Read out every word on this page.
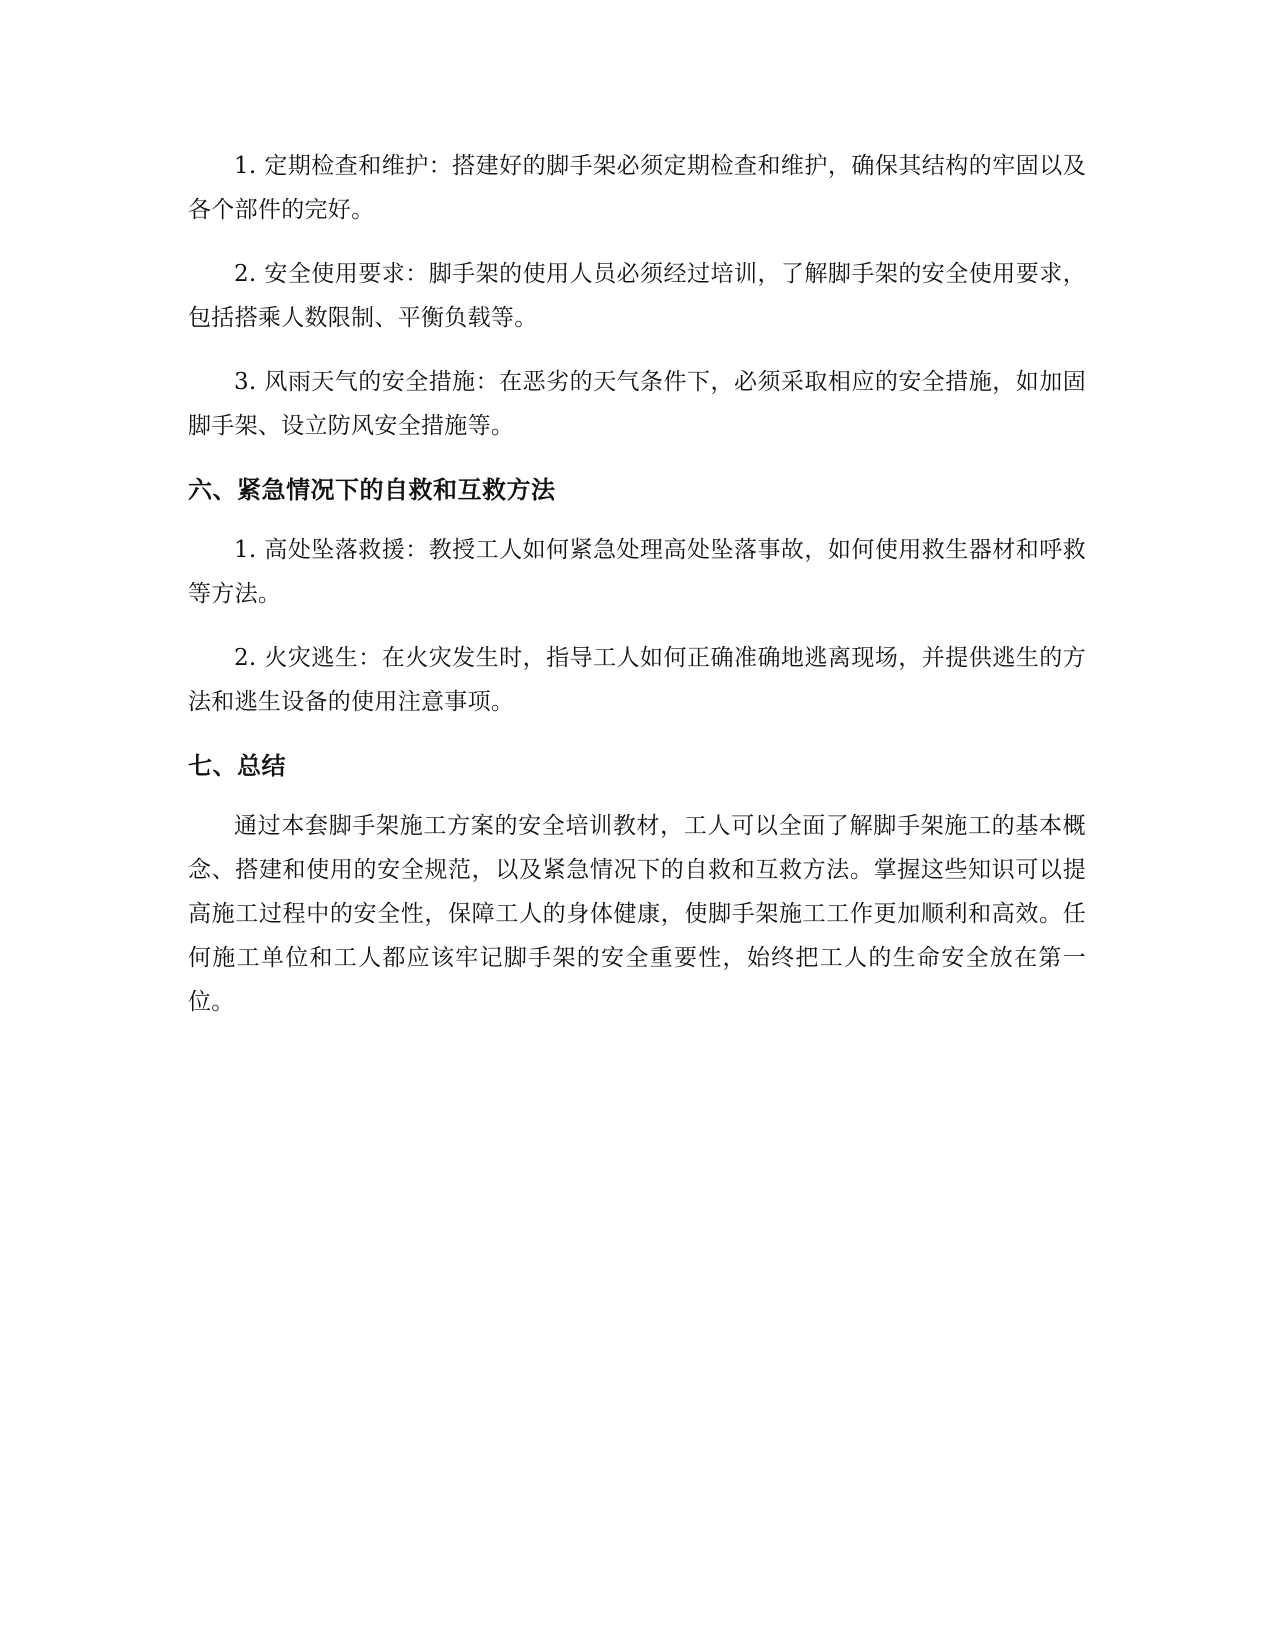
1. 定期检查和维护：搭建好的脚手架必须定期检查和维护，确保其结构的牢固以及各个部件的完好。

2. 安全使用要求：脚手架的使用人员必须经过培训，了解脚手架的安全使用要求，包括搭乘人数限制、平衡负载等。

3. 风雨天气的安全措施：在恶劣的天气条件下，必须采取相应的安全措施，如加固脚手架、设立防风安全措施等。

六、紧急情况下的自救和互救方法

1. 高处坠落救援：教授工人如何紧急处理高处坠落事故，如何使用救生器材和呼救等方法。

2. 火灾逃生：在火灾发生时，指导工人如何正确准确地逃离现场，并提供逃生的方法和逃生设备的使用注意事项。

七、总结

通过本套脚手架施工方案的安全培训教材，工人可以全面了解脚手架施工的基本概念、搭建和使用的安全规范，以及紧急情况下的自救和互救方法。掌握这些知识可以提高施工过程中的安全性，保障工人的身体健康，使脚手架施工工作更加顺利和高效。任何施工单位和工人都应该牢记脚手架的安全重要性，始终把工人的生命安全放在第一位。
